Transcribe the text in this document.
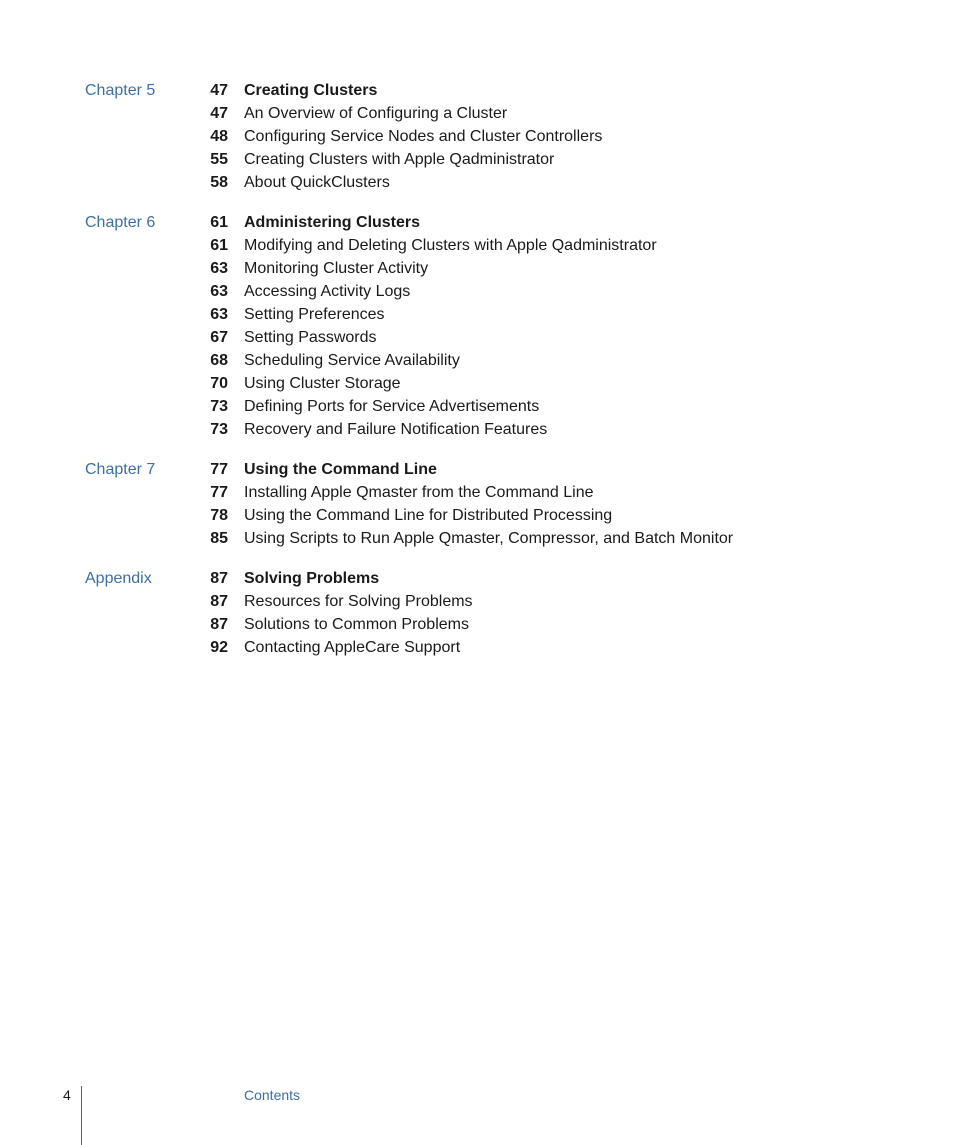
Chapter 5	47 Creating Clusters
47 An Overview of Configuring a Cluster
48 Configuring Service Nodes and Cluster Controllers
55 Creating Clusters with Apple Qadministrator
58 About QuickClusters
Chapter 6	61 Administering Clusters
61 Modifying and Deleting Clusters with Apple Qadministrator
63 Monitoring Cluster Activity
63 Accessing Activity Logs
63 Setting Preferences
67 Setting Passwords
68 Scheduling Service Availability
70 Using Cluster Storage
73 Defining Ports for Service Advertisements
73 Recovery and Failure Notification Features
Chapter 7	77 Using the Command Line
77 Installing Apple Qmaster from the Command Line
78 Using the Command Line for Distributed Processing
85 Using Scripts to Run Apple Qmaster, Compressor, and Batch Monitor
Appendix	87 Solving Problems
87 Resources for Solving Problems
87 Solutions to Common Problems
92 Contacting AppleCare Support
4	Contents
